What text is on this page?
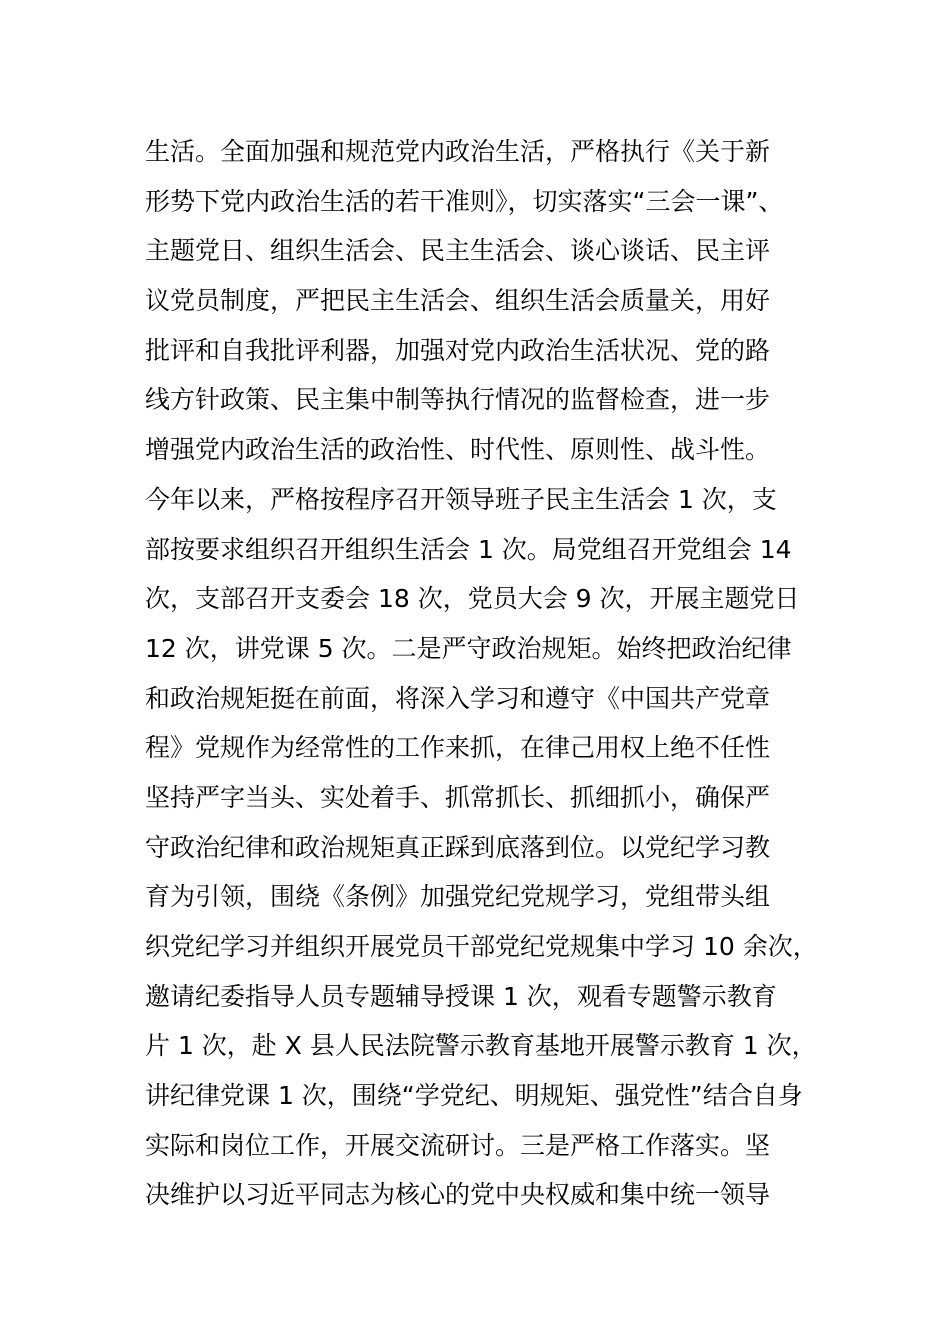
生活。全面加强和规范党内政治生活，严格执行《关于新
形势下党内政治生活的若干准则》，切实落实“三会一课”、
主题党日、组织生活会、民主生活会、谈心谈话、民主评
议党员制度，严把民主生活会、组织生活会质量关，用好
批评和自我批评利器，加强对党内政治生活状况、党的路
线方针政策、民主集中制等执行情况的监督检查，进一步
增强党内政治生活的政治性、时代性、原则性、战斗性。
今年以来，严格按程序召开领导班子民主生活会 1 次，支
部按要求组织召开组织生活会 1 次。局党组召开党组会 14
次，支部召开支委会 18 次，党员大会 9 次，开展主题党日
12 次，讲党课 5 次。二是严守政治规矩。始终把政治纪律
和政治规矩挺在前面，将深入学习和遵守《中国共产党章
程》党规作为经常性的工作来抓，在律己用权上绝不任性
坚持严字当头、实处着手、抓常抓长、抓细抓小，确保严
守政治纪律和政治规矩真正踩到底落到位。以党纪学习教
育为引领，围绕《条例》加强党纪党规学习，党组带头组
织党纪学习并组织开展党员干部党纪党规集中学习 10 余次，
邀请纪委指导人员专题辅导授课 1 次，观看专题警示教育
片 1 次，赴 X 县人民法院警示教育基地开展警示教育 1 次，
讲纪律党课 1 次，围绕“学党纪、明规矩、强党性”结合自身
实际和岗位工作，开展交流研讨。三是严格工作落实。坚
决维护以习近平同志为核心的党中央权威和集中统一领导
